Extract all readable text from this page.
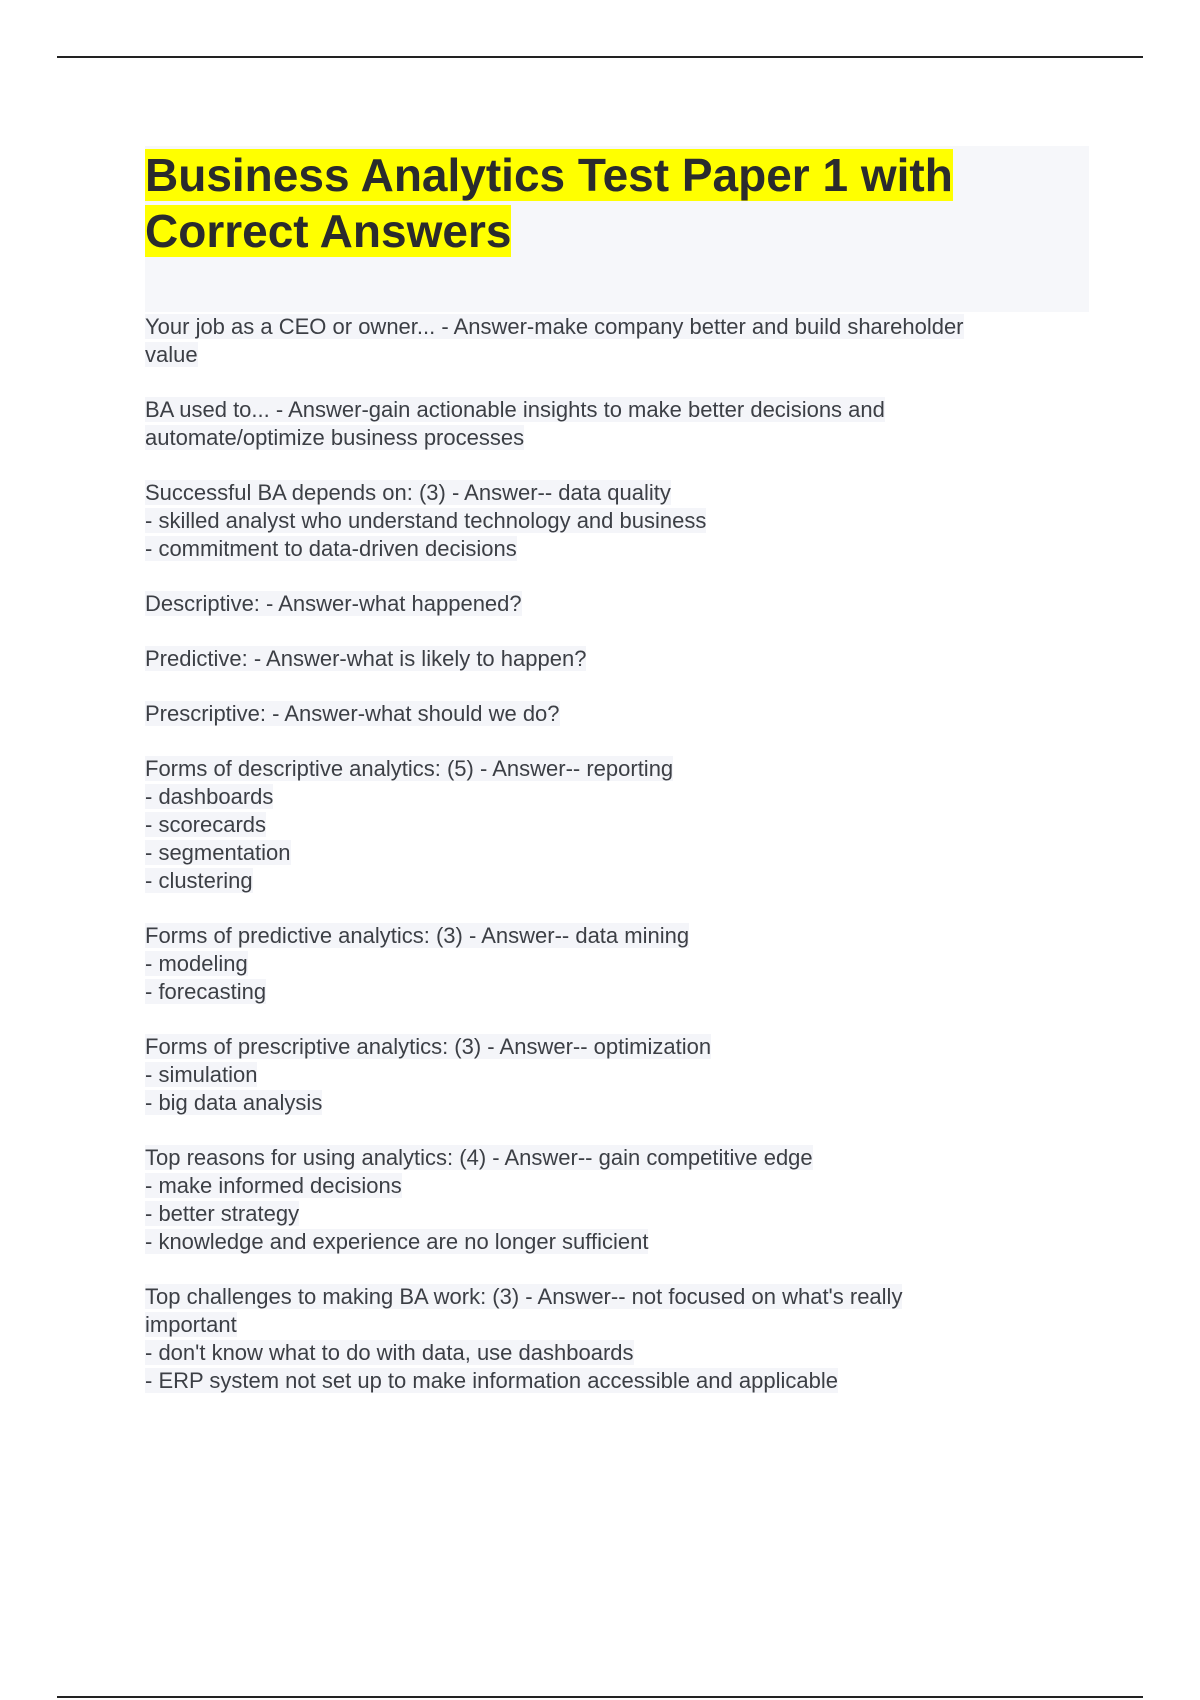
Business Analytics Test Paper 1 with
Correct Answers

Your job as a CEO or owner... - Answer-make company better and build shareholder
value

BA used to... - Answer-gain actionable insights to make better decisions and
automate/optimize business processes

Successful BA depends on: (3) - Answer-- data quality
- skilled analyst who understand technology and business
- commitment to data-driven decisions

Descriptive: - Answer-what happened?

Predictive: - Answer-what is likely to happen?

Prescriptive: - Answer-what should we do?

Forms of descriptive analytics: (5) - Answer-- reporting
- dashboards
- scorecards
- segmentation
- clustering

Forms of predictive analytics: (3) - Answer-- data mining
- modeling
- forecasting

Forms of prescriptive analytics: (3) - Answer-- optimization
- simulation
- big data analysis

Top reasons for using analytics: (4) - Answer-- gain competitive edge
- make informed decisions
- better strategy
- knowledge and experience are no longer sufficient

Top challenges to making BA work: (3) - Answer-- not focused on what's really
important
- don't know what to do with data, use dashboards
- ERP system not set up to make information accessible and applicable
